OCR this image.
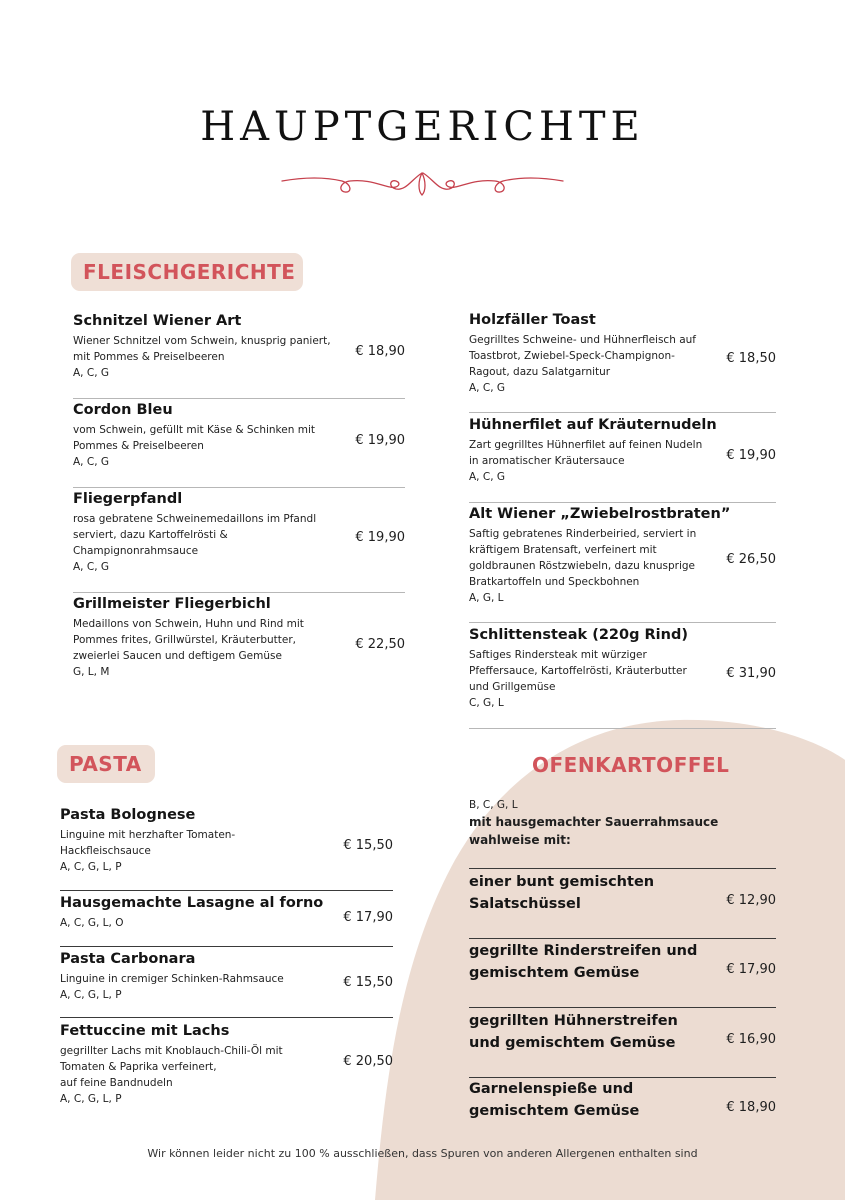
HAUPTGERICHTE
FLEISCHGERICHTE
Schnitzel Wiener Art
Wiener Schnitzel vom Schwein, knusprig paniert,
mit Pommes & Preiselbeeren
A, C, G
€ 18,90
Cordon Bleu
vom Schwein, gefüllt mit Käse & Schinken mit
Pommes & Preiselbeeren
A, C, G
€ 19,90
Fliegerpfandl
rosa gebratene Schweinemedaillons im Pfandl
serviert, dazu Kartoffelrösti &
Champignonrahmsauce
A, C, G
€ 19,90
Grillmeister Fliegerbichl
Medaillons von Schwein, Huhn und Rind mit
Pommes frites, Grillwürstel, Kräuterbutter,
zweierlei Saucen und deftigem Gemüse
G, L, M
€ 22,50
Holzfäller Toast
Gegrilltes Schweine- und Hühnerfleisch auf
Toastbrot, Zwiebel-Speck-Champignon-
Ragout, dazu Salatgarnitur
A, C, G
€ 18,50
Hühnerfilet auf Kräuternudeln
Zart gegrilltes Hühnerfilet auf feinen Nudeln
in aromatischer Kräutersauce
A, C, G
€ 19,90
Alt Wiener „Zwiebelrostbraten”
Saftig gebratenes Rinderbeiried, serviert in
kräftigem Bratensaft, verfeinert mit
goldbraunen Röstzwiebeln, dazu knusprige
Bratkartoffeln und Speckbohnen
A, G, L
€ 26,50
Schlittensteak (220g Rind)
Saftiges Rindersteak mit würziger
Pfeffersauce, Kartoffelrösti, Kräuterbutter
und Grillgemüse
C, G, L
€ 31,90
PASTA
Pasta Bolognese
Linguine mit herzhafter Tomaten-
Hackfleischsauce
A, C, G, L, P
€ 15,50
Hausgemachte Lasagne al forno
A, C, G, L, O	€ 17,90
Pasta Carbonara
Linguine in cremiger Schinken-Rahmsauce
A, C, G, L, P
€ 15,50
Fettuccine mit Lachs
gegrillter Lachs mit Knoblauch-Chili-Öl mit
Tomaten & Paprika verfeinert,
auf feine Bandnudeln
A, C, G, L, P
€ 20,50
OFENKARTOFFEL
B, C, G, L
mit hausgemachter Sauerrahmsauce
wahlweise mit:
einer bunt gemischten Salatschüssel	€ 12,90
gegrillte Rinderstreifen und gemischtem Gemüse	€ 17,90
gegrillten Hühnerstreifen und gemischtem Gemüse	€ 16,90
Garnelenspieße und gemischtem Gemüse	€ 18,90
Wir können leider nicht zu 100 % ausschließen, dass Spuren von anderen Allergenen enthalten sind
